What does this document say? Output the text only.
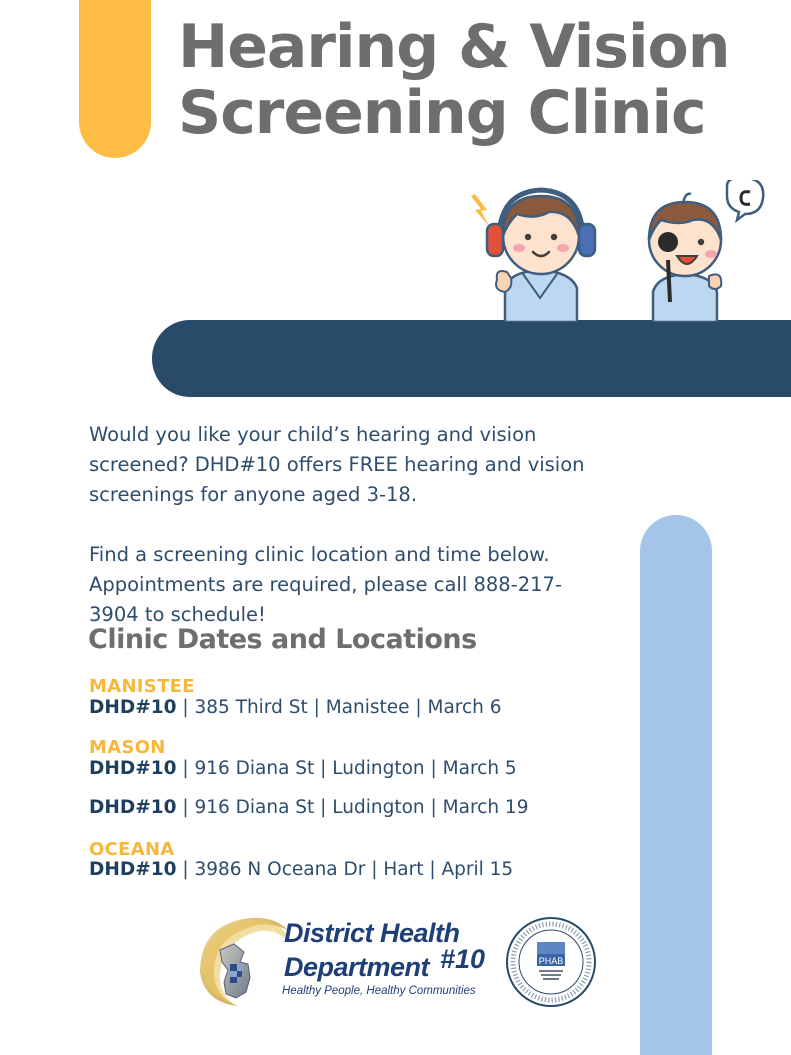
Hearing & Vision
Screening Clinic

Would you like your child’s hearing and vision screened? DHD#10 offers FREE hearing and vision screenings for anyone aged 3-18.

Find a screening clinic location and time below. Appointments are required, please call 888-217-3904 to schedule!

Clinic Dates and Locations
MANISTEE
DHD#10 | 385 Third St | Manistee | March 6
MASON
DHD#10 | 916 Diana St | Ludington | March 5
DHD#10 | 916 Diana St | Ludington | March 19
OCEANA
DHD#10 | 3986 N Oceana Dr | Hart | April 15
District Health
Department #10
Healthy People, Healthy Communities
PHAB
